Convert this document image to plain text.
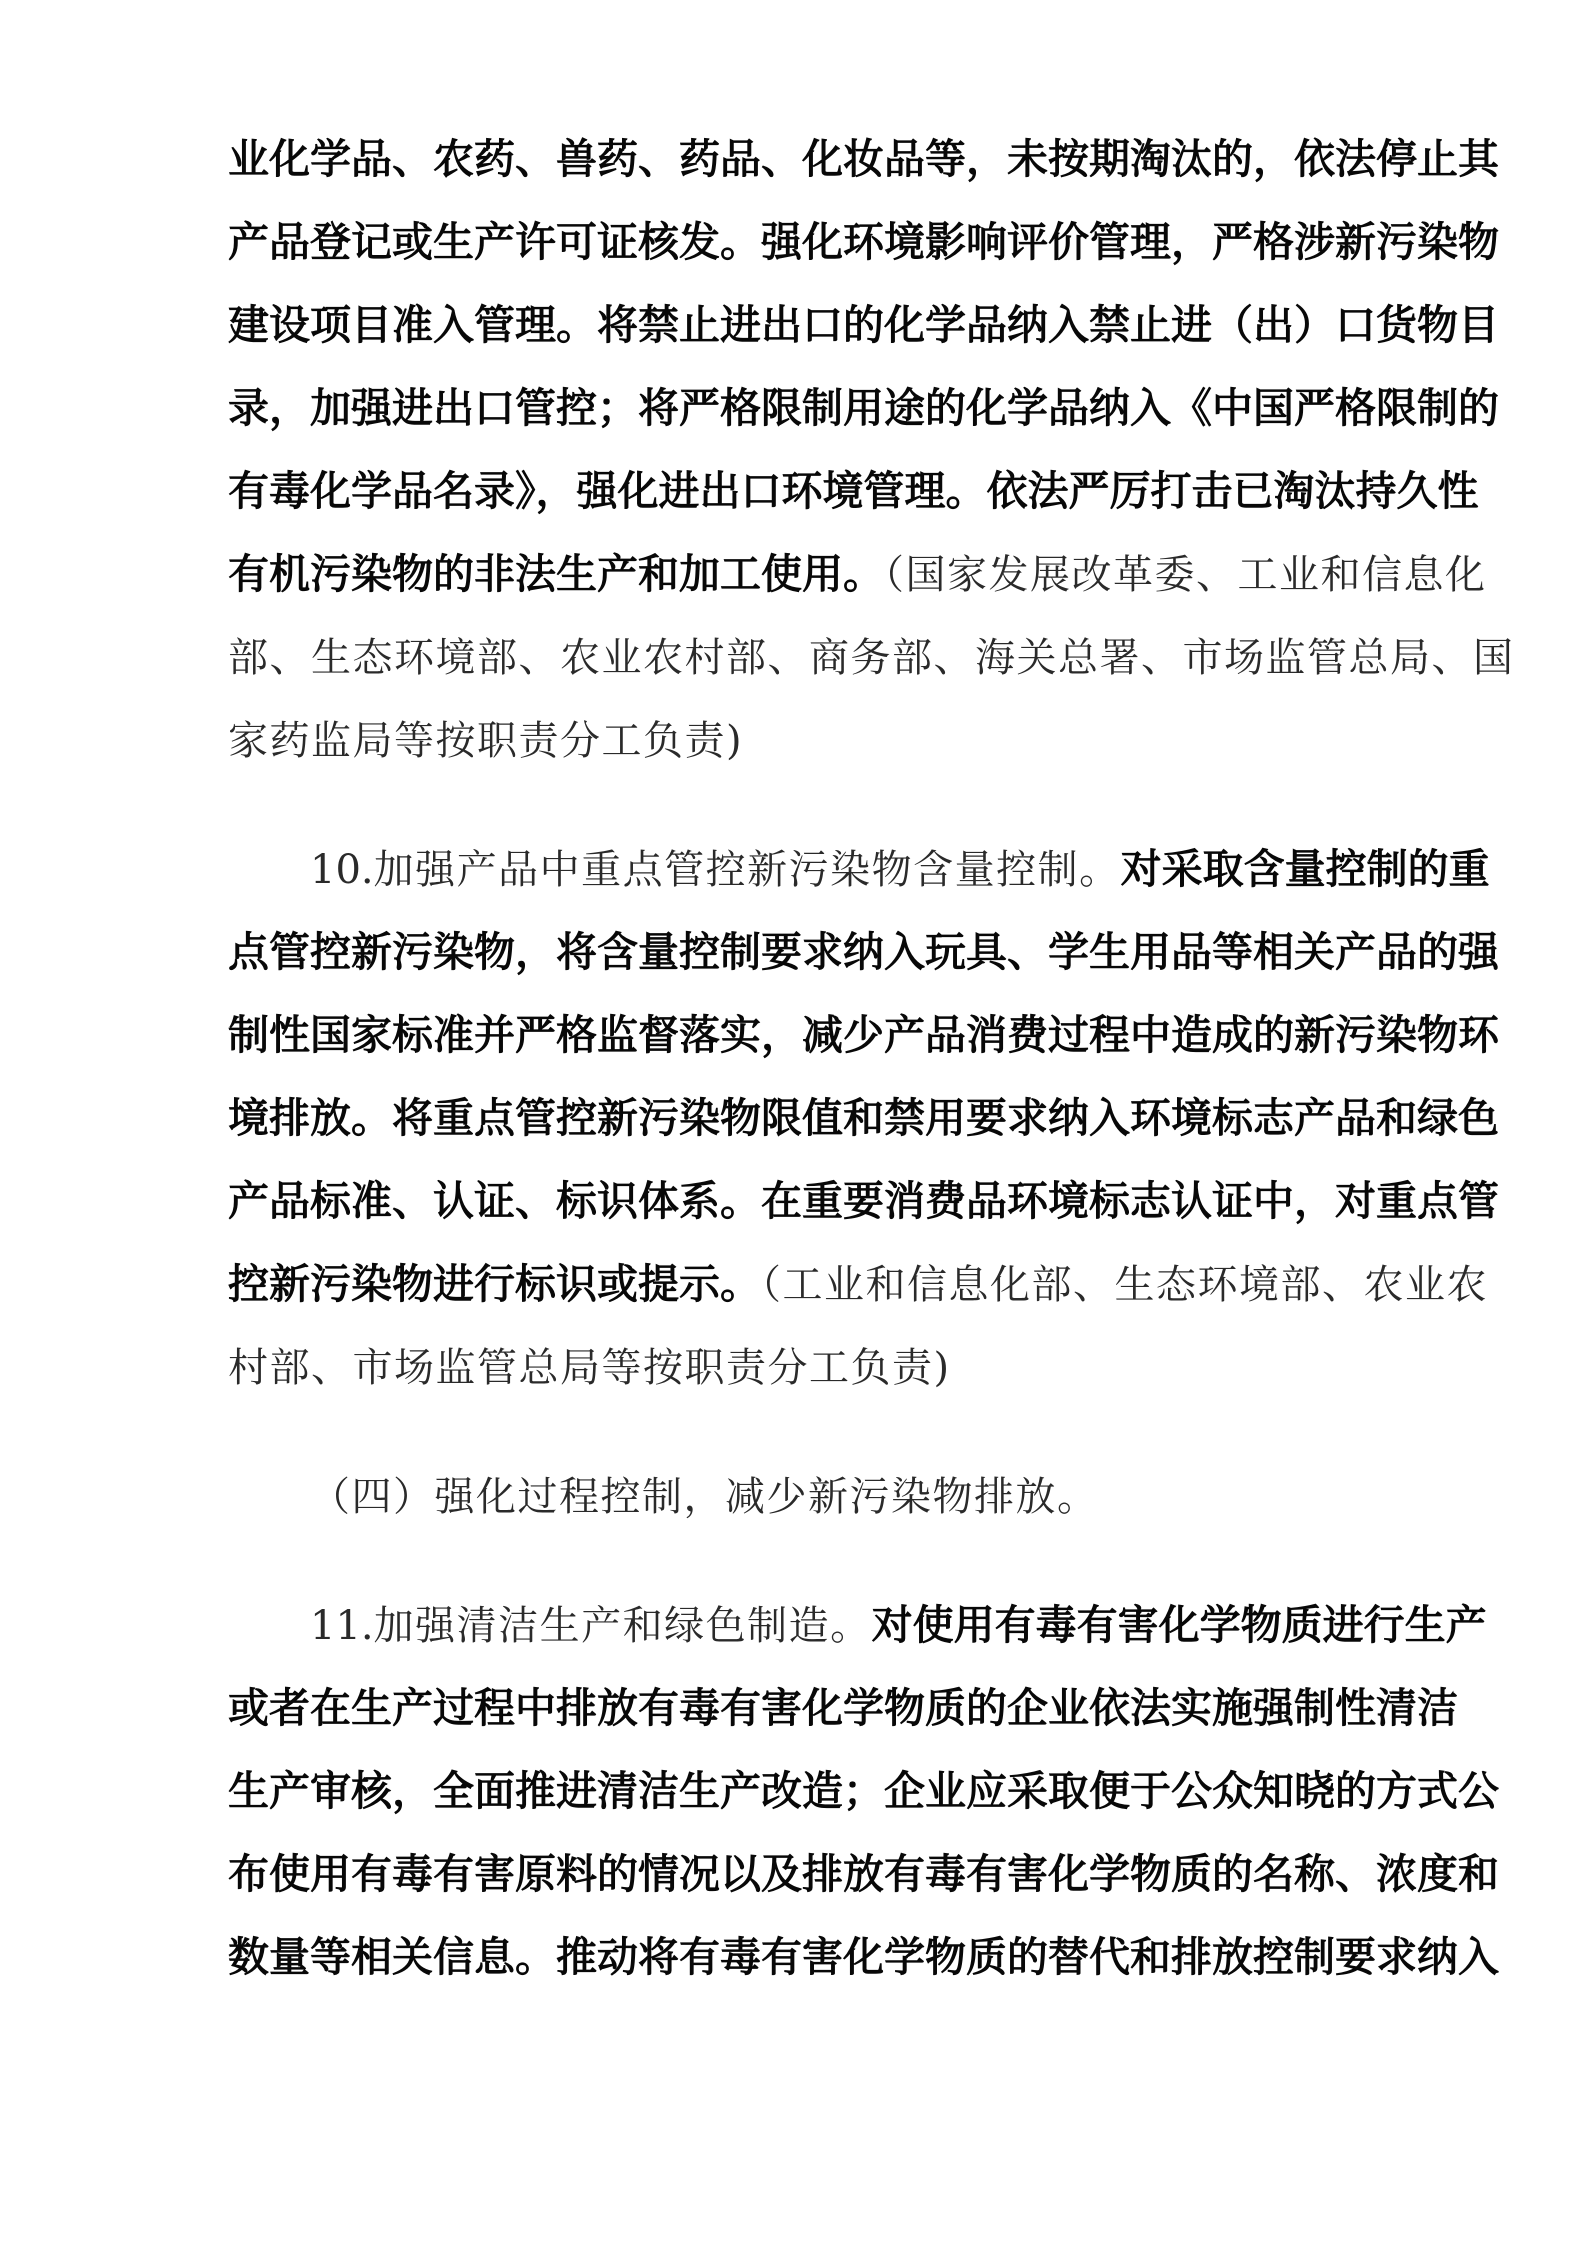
业化学品、农药、兽药、药品、化妆品等，未按期淘汰的，依法停止其
产品登记或生产许可证核发。强化环境影响评价管理，严格涉新污染物
建设项目准入管理。将禁止进出口的化学品纳入禁止进（出）口货物目
录，加强进出口管控；将严格限制用途的化学品纳入《中国严格限制的
有毒化学品名录》，强化进出口环境管理。依法严厉打击已淘汰持久性
有机污染物的非法生产和加工使用。（国家发展改革委、工业和信息化
部、生态环境部、农业农村部、商务部、海关总署、市场监管总局、国
家药监局等按职责分工负责)
10.加强产品中重点管控新污染物含量控制。对采取含量控制的重
点管控新污染物，将含量控制要求纳入玩具、学生用品等相关产品的强
制性国家标准并严格监督落实，减少产品消费过程中造成的新污染物环
境排放。将重点管控新污染物限值和禁用要求纳入环境标志产品和绿色
产品标准、认证、标识体系。在重要消费品环境标志认证中，对重点管
控新污染物进行标识或提示。（工业和信息化部、生态环境部、农业农
村部、市场监管总局等按职责分工负责)
（四）强化过程控制，减少新污染物排放。
11.加强清洁生产和绿色制造。对使用有毒有害化学物质进行生产
或者在生产过程中排放有毒有害化学物质的企业依法实施强制性清洁
生产审核，全面推进清洁生产改造；企业应采取便于公众知晓的方式公
布使用有毒有害原料的情况以及排放有毒有害化学物质的名称、浓度和
数量等相关信息。推动将有毒有害化学物质的替代和排放控制要求纳入
